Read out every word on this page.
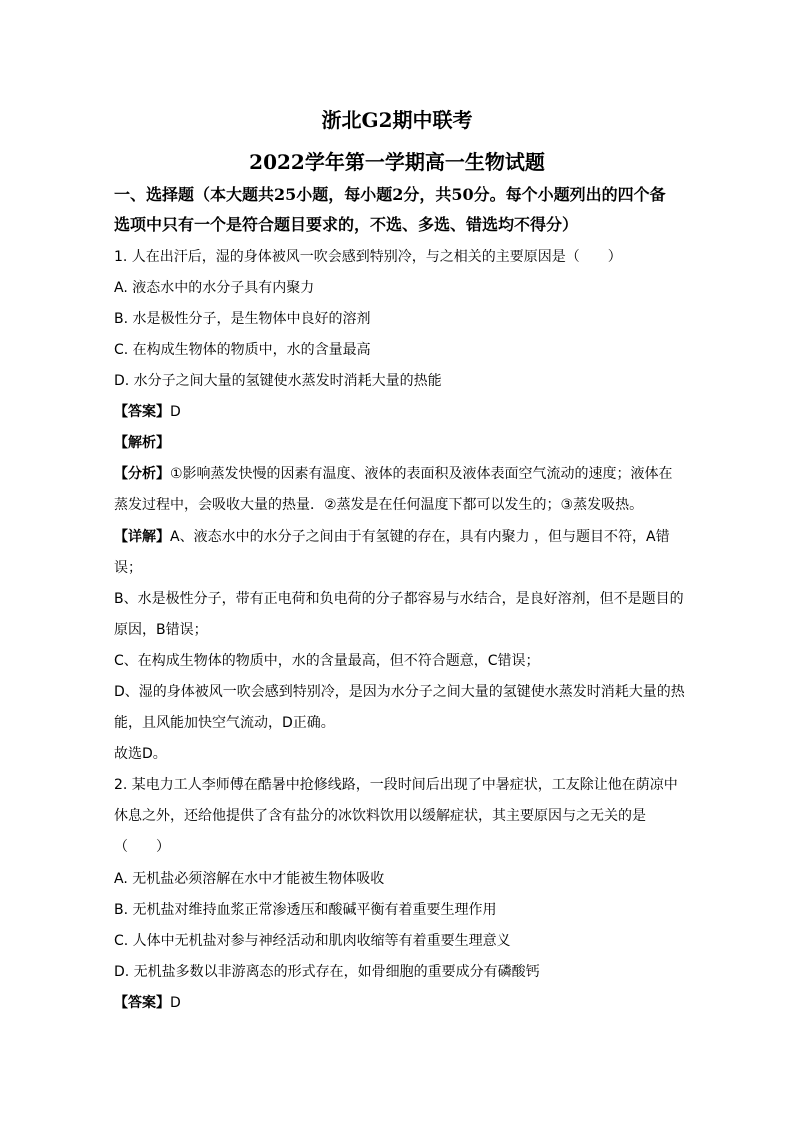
浙北G2期中联考
2022学年第一学期高一生物试题
一、选择题（本大题共25小题，每小题2分，共50分。每个小题列出的四个备
选项中只有一个是符合题目要求的，不选、多选、错选均不得分）
1. 人在出汗后，湿的身体被风一吹会感到特别冷，与之相关的主要原因是（　　）
A. 液态水中的水分子具有内聚力
B. 水是极性分子，是生物体中良好的溶剂
C. 在构成生物体的物质中，水的含量最高
D. 水分子之间大量的氢键使水蒸发时消耗大量的热能
【答案】D
【解析】
【分析】①影响蒸发快慢的因素有温度、液体的表面积及液体表面空气流动的速度；液体在
蒸发过程中，会吸收大量的热量．②蒸发是在任何温度下都可以发生的；③蒸发吸热。
【详解】A、液态水中的水分子之间由于有氢键的存在，具有内聚力 ，但与题目不符，A错
误；
B、水是极性分子，带有正电荷和负电荷的分子都容易与水结合，是良好溶剂，但不是题目的
原因，B错误；
C、在构成生物体的物质中，水的含量最高，但不符合题意，C错误；
D、湿的身体被风一吹会感到特别冷，是因为水分子之间大量的氢键使水蒸发时消耗大量的热
能，且风能加快空气流动，D正确。
故选D。
2. 某电力工人李师傅在酷暑中抢修线路，一段时间后出现了中暑症状，工友除让他在荫凉中
休息之外，还给他提供了含有盐分的冰饮料饮用以缓解症状，其主要原因与之无关的是
（　　）
A. 无机盐必须溶解在水中才能被生物体吸收
B. 无机盐对维持血浆正常渗透压和酸碱平衡有着重要生理作用
C. 人体中无机盐对参与神经活动和肌肉收缩等有着重要生理意义
D. 无机盐多数以非游离态的形式存在，如骨细胞的重要成分有磷酸钙
【答案】D
